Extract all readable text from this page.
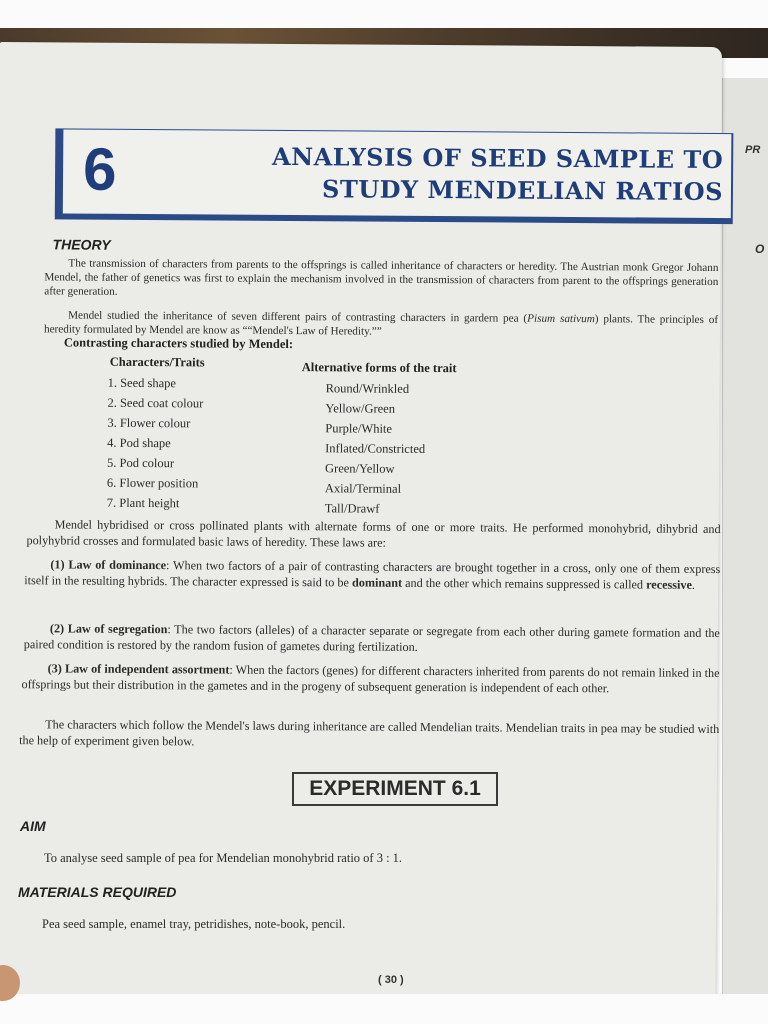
PR
O
6	ANALYSIS OF SEED SAMPLE TO
STUDY MENDELIAN RATIOS
THEORY
The transmission of characters from parents to the offsprings is called inheritance of characters or heredity. The Austrian monk Gregor Johann Mendel, the father of genetics was first to explain the mechanism involved in the transmission of characters from parent to the offsprings generation after generation.
Mendel studied the inheritance of seven different pairs of contrasting characters in gardern pea (Pisum sativum) plants. The principles of heredity formulated by Mendel are know as ““Mendel's Law of Heredity.””
Contrasting characters studied by Mendel:
Characters/Traits	Alternative forms of the trait
1. Seed shape	Round/Wrinkled
2. Seed coat colour	Yellow/Green
3. Flower colour	Purple/White
4. Pod shape	Inflated/Constricted
5. Pod colour	Green/Yellow
6. Flower position	Axial/Terminal
7. Plant height	Tall/Drawf
Mendel hybridised or cross pollinated plants with alternate forms of one or more traits. He performed monohybrid, dihybrid and polyhybrid crosses and formulated basic laws of heredity. These laws are:
(1) Law of dominance: When two factors of a pair of contrasting characters are brought together in a cross, only one of them express itself in the resulting hybrids. The character expressed is said to be dominant and the other which remains suppressed is called recessive.
(2) Law of segregation: The two factors (alleles) of a character separate or segregate from each other during gamete formation and the paired condition is restored by the random fusion of gametes during fertilization.
(3) Law of independent assortment: When the factors (genes) for different characters inherited from parents do not remain linked in the offsprings but their distribution in the gametes and in the progeny of subsequent generation is independent of each other.
The characters which follow the Mendel's laws during inheritance are called Mendelian traits. Mendelian traits in pea may be studied with the help of experiment given below.
EXPERIMENT 6.1
AIM
To analyse seed sample of pea for Mendelian monohybrid ratio of 3 : 1.
MATERIALS REQUIRED
Pea seed sample, enamel tray, petridishes, note-book, pencil.
( 30 )
